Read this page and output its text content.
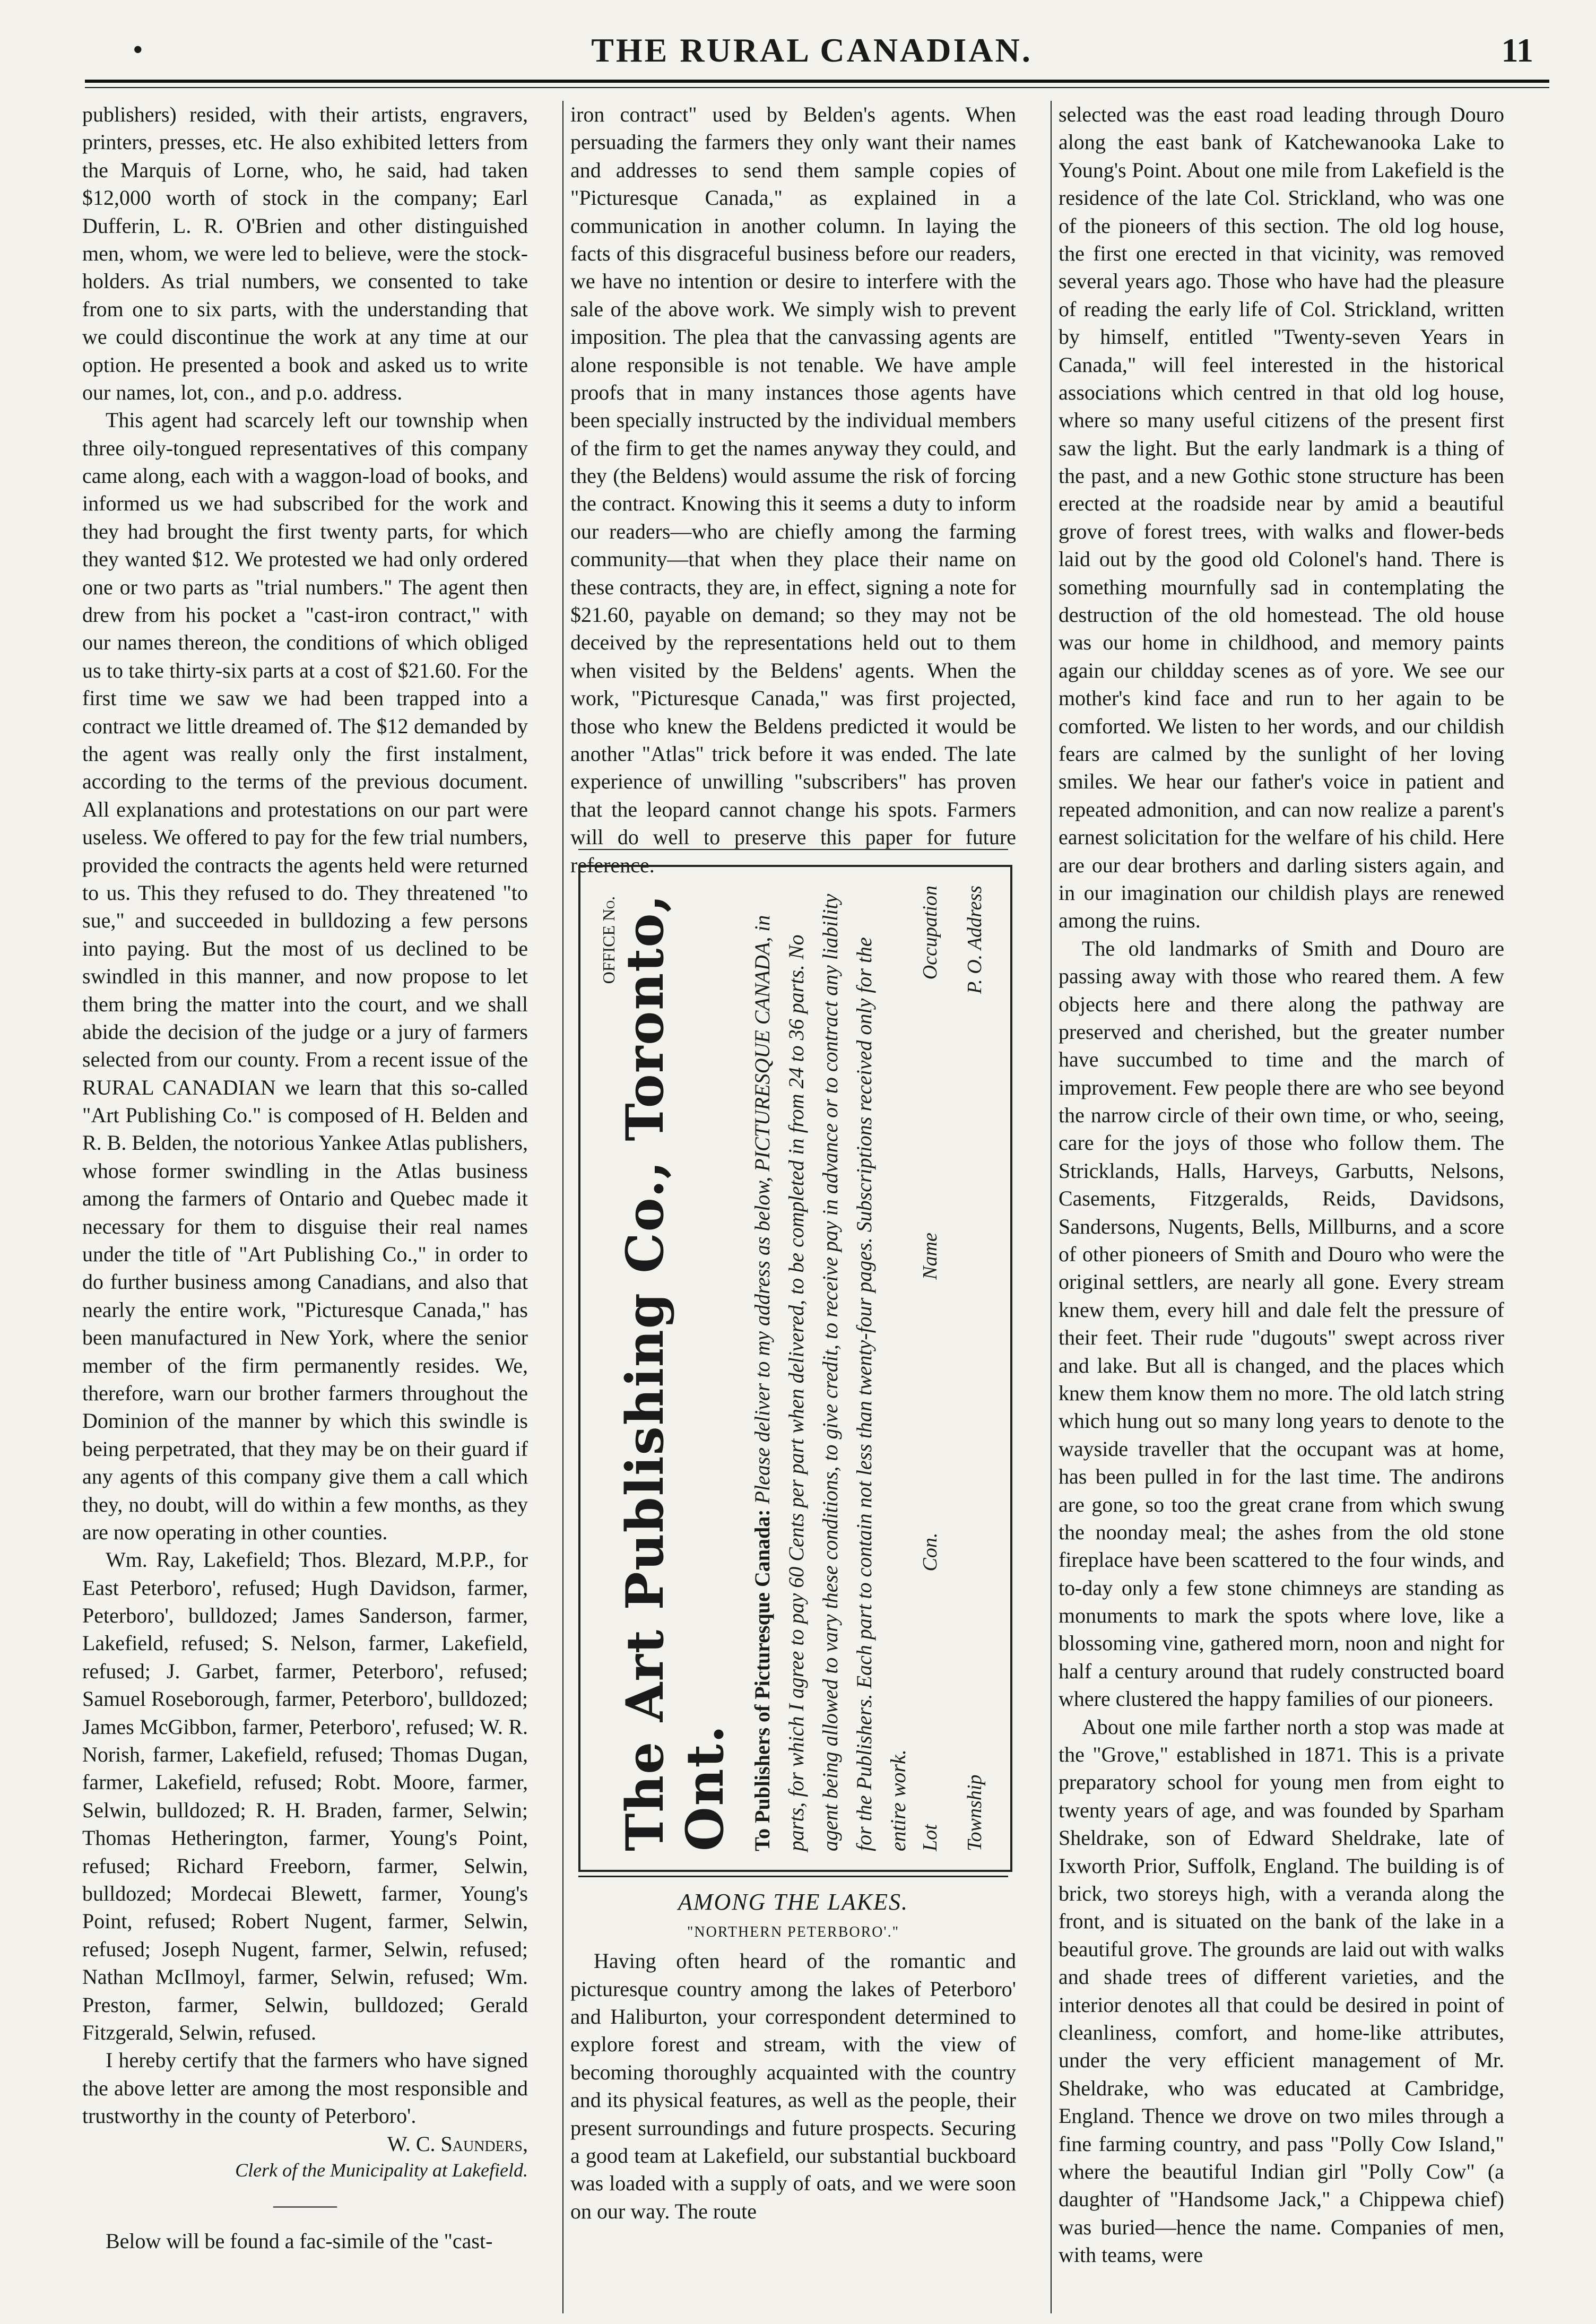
•	THE RURAL CANADIAN.	11

publishers) resided, with their artists, engravers, printers, presses, etc. He also exhibited letters from the Marquis of Lorne, who, he said, had taken $12,000 worth of stock in the company; Earl Dufferin, L. R. O'Brien and other distinguished men, whom, we were led to believe, were the stock-holders. As trial numbers, we consented to take from one to six parts, with the understanding that we could discontinue the work at any time at our option. He presented a book and asked us to write our names, lot, con., and p.o. address.

This agent had scarcely left our township when three oily-tongued representatives of this company came along, each with a waggon-load of books, and informed us we had subscribed for the work and they had brought the first twenty parts, for which they wanted $12. We protested we had only ordered one or two parts as "trial numbers." The agent then drew from his pocket a "cast-iron contract," with our names thereon, the conditions of which obliged us to take thirty-six parts at a cost of $21.60. For the first time we saw we had been trapped into a contract we little dreamed of. The $12 demanded by the agent was really only the first instalment, according to the terms of the previous document. All explanations and protestations on our part were useless. We offered to pay for the few trial numbers, provided the contracts the agents held were returned to us. This they refused to do. They threatened "to sue," and succeeded in bulldozing a few persons into paying. But the most of us declined to be swindled in this manner, and now propose to let them bring the matter into the court, and we shall abide the decision of the judge or a jury of farmers selected from our county. From a recent issue of the RURAL CANADIAN we learn that this so-called "Art Publishing Co." is composed of H. Belden and R. B. Belden, the notorious Yankee Atlas publishers, whose former swindling in the Atlas business among the farmers of Ontario and Quebec made it necessary for them to disguise their real names under the title of "Art Publishing Co.," in order to do further business among Canadians, and also that nearly the entire work, "Picturesque Canada," has been manufactured in New York, where the senior member of the firm permanently resides. We, therefore, warn our brother farmers throughout the Dominion of the manner by which this swindle is being perpetrated, that they may be on their guard if any agents of this company give them a call which they, no doubt, will do within a few months, as they are now operating in other counties.

Wm. Ray, Lakefield; Thos. Blezard, M.P.P., for East Peterboro', refused; Hugh Davidson, farmer, Peterboro', bulldozed; James Sanderson, farmer, Lakefield, refused; S. Nelson, farmer, Lakefield, refused; J. Garbet, farmer, Peterboro', refused; Samuel Roseborough, farmer, Peterboro', bulldozed; James McGibbon, farmer, Peterboro', refused; W. R. Norish, farmer, Lakefield, refused; Thomas Dugan, farmer, Lakefield, refused; Robt. Moore, farmer, Selwin, bulldozed; R. H. Braden, farmer, Selwin; Thomas Hetherington, farmer, Young's Point, refused; Richard Freeborn, farmer, Selwin, bulldozed; Mordecai Blewett, farmer, Young's Point, refused; Robert Nugent, farmer, Selwin, refused; Joseph Nugent, farmer, Selwin, refused; Nathan McIlmoyl, farmer, Selwin, refused; Wm. Preston, farmer, Selwin, bulldozed; Gerald Fitzgerald, Selwin, refused.

I hereby certify that the farmers who have signed the above letter are among the most responsible and trustworthy in the county of Peterboro'.

W. C. Saunders,
Clerk of the Municipality at Lakefield.
———

Below will be found a fac-simile of the "cast-

iron contract" used by Belden's agents. When persuading the farmers they only want their names and addresses to send them sample copies of "Picturesque Canada," as explained in a communication in another column. In laying the facts of this disgraceful business before our readers, we have no intention or desire to interfere with the sale of the above work. We simply wish to prevent imposition. The plea that the canvassing agents are alone responsible is not tenable. We have ample proofs that in many instances those agents have been specially instructed by the individual members of the firm to get the names anyway they could, and they (the Beldens) would assume the risk of forcing the contract. Knowing this it seems a duty to inform our readers—who are chiefly among the farming community—that when they place their name on these contracts, they are, in effect, signing a note for $21.60, payable on demand; so they may not be deceived by the representations held out to them when visited by the Beldens' agents. When the work, "Picturesque Canada," was first projected, those who knew the Beldens predicted it would be another "Atlas" trick before it was ended. The late experience of unwilling "subscribers" has proven that the leopard cannot change his spots. Farmers will do well to preserve this paper for future reference.

OFFICE No.
The Art Publishing Co., Toronto, Ont. To Publishers of Picturesque Canada: Please deliver to my address as below, PICTURESQUE CANADA, in parts, for which I agree to pay 60 Cents per part when delivered, to be completed in from 24 to 36 parts. No agent being allowed to vary these conditions, to give credit, to receive pay in advance or to contract any liability for the Publishers. Each part to contain not less than twenty-four pages. Subscriptions received only for the entire work. Lot
Con.
Name
Occupation
Township
P. O. Address
AMONG THE LAKES.
"NORTHERN PETERBORO'."

Having often heard of the romantic and picturesque country among the lakes of Peterboro' and Haliburton, your correspondent determined to explore forest and stream, with the view of becoming thoroughly acquainted with the country and its physical features, as well as the people, their present surroundings and future prospects. Securing a good team at Lakefield, our substantial buckboard was loaded with a supply of oats, and we were soon on our way. The route

selected was the east road leading through Douro along the east bank of Katchewanooka Lake to Young's Point. About one mile from Lakefield is the residence of the late Col. Strickland, who was one of the pioneers of this section. The old log house, the first one erected in that vicinity, was removed several years ago. Those who have had the pleasure of reading the early life of Col. Strickland, written by himself, entitled "Twenty-seven Years in Canada," will feel interested in the historical associations which centred in that old log house, where so many useful citizens of the present first saw the light. But the early landmark is a thing of the past, and a new Gothic stone structure has been erected at the roadside near by amid a beautiful grove of forest trees, with walks and flower-beds laid out by the good old Colonel's hand. There is something mournfully sad in contemplating the destruction of the old homestead. The old house was our home in childhood, and memory paints again our childday scenes as of yore. We see our mother's kind face and run to her again to be comforted. We listen to her words, and our childish fears are calmed by the sunlight of her loving smiles. We hear our father's voice in patient and repeated admonition, and can now realize a parent's earnest solicitation for the welfare of his child. Here are our dear brothers and darling sisters again, and in our imagination our childish plays are renewed among the ruins.

The old landmarks of Smith and Douro are passing away with those who reared them. A few objects here and there along the pathway are preserved and cherished, but the greater number have succumbed to time and the march of improvement. Few people there are who see beyond the narrow circle of their own time, or who, seeing, care for the joys of those who follow them. The Stricklands, Halls, Harveys, Garbutts, Nelsons, Casements, Fitzgeralds, Reids, Davidsons, Sandersons, Nugents, Bells, Millburns, and a score of other pioneers of Smith and Douro who were the original settlers, are nearly all gone. Every stream knew them, every hill and dale felt the pressure of their feet. Their rude "dugouts" swept across river and lake. But all is changed, and the places which knew them know them no more. The old latch string which hung out so many long years to denote to the wayside traveller that the occupant was at home, has been pulled in for the last time. The andirons are gone, so too the great crane from which swung the noonday meal; the ashes from the old stone fireplace have been scattered to the four winds, and to-day only a few stone chimneys are standing as monuments to mark the spots where love, like a blossoming vine, gathered morn, noon and night for half a century around that rudely constructed board where clustered the happy families of our pioneers.

About one mile farther north a stop was made at the "Grove," established in 1871. This is a private preparatory school for young men from eight to twenty years of age, and was founded by Sparham Sheldrake, son of Edward Sheldrake, late of Ixworth Prior, Suffolk, England. The building is of brick, two storeys high, with a veranda along the front, and is situated on the bank of the lake in a beautiful grove. The grounds are laid out with walks and shade trees of different varieties, and the interior denotes all that could be desired in point of cleanliness, comfort, and home-like attributes, under the very efficient management of Mr. Sheldrake, who was educated at Cambridge, England. Thence we drove on two miles through a fine farming country, and pass "Polly Cow Island," where the beautiful Indian girl "Polly Cow" (a daughter of "Handsome Jack," a Chippewa chief) was buried—hence the name. Companies of men, with teams, were
